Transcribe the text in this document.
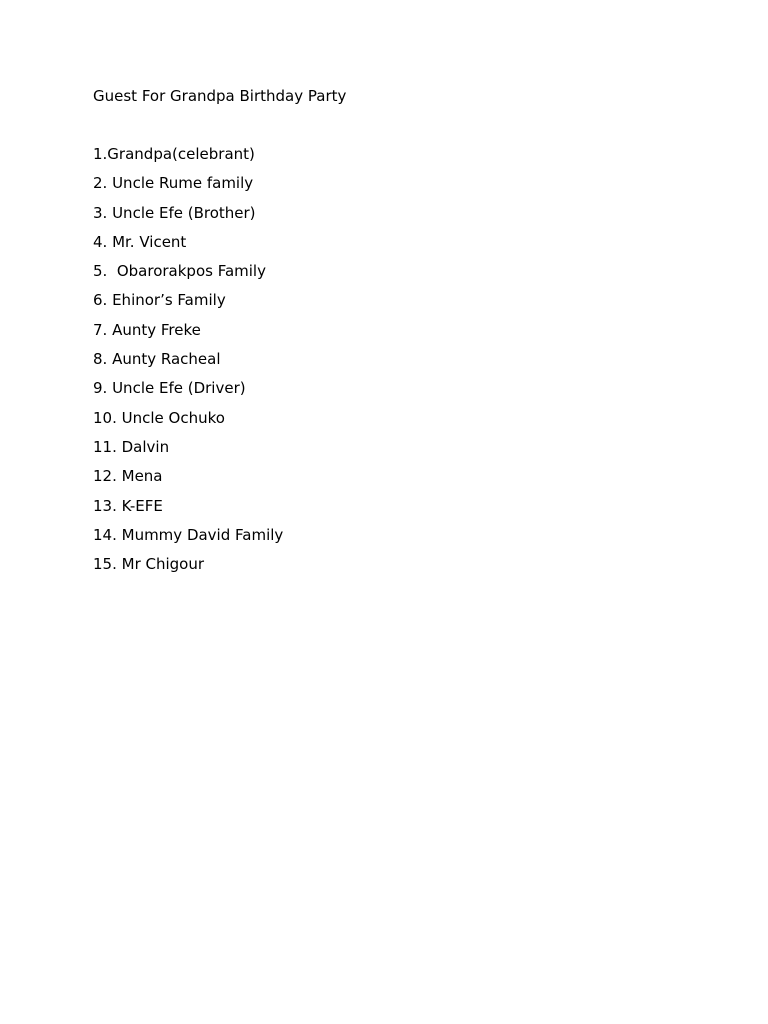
Guest For Grandpa Birthday Party
1.Grandpa(celebrant)
2. Uncle Rume family
3. Uncle Efe (Brother)
4. Mr. Vicent
5.  Obarorakpos Family
6. Ehinor’s Family
7. Aunty Freke
8. Aunty Racheal
9. Uncle Efe (Driver)
10. Uncle Ochuko
11. Dalvin
12. Mena
13. K-EFE
14. Mummy David Family
15. Mr Chigour
